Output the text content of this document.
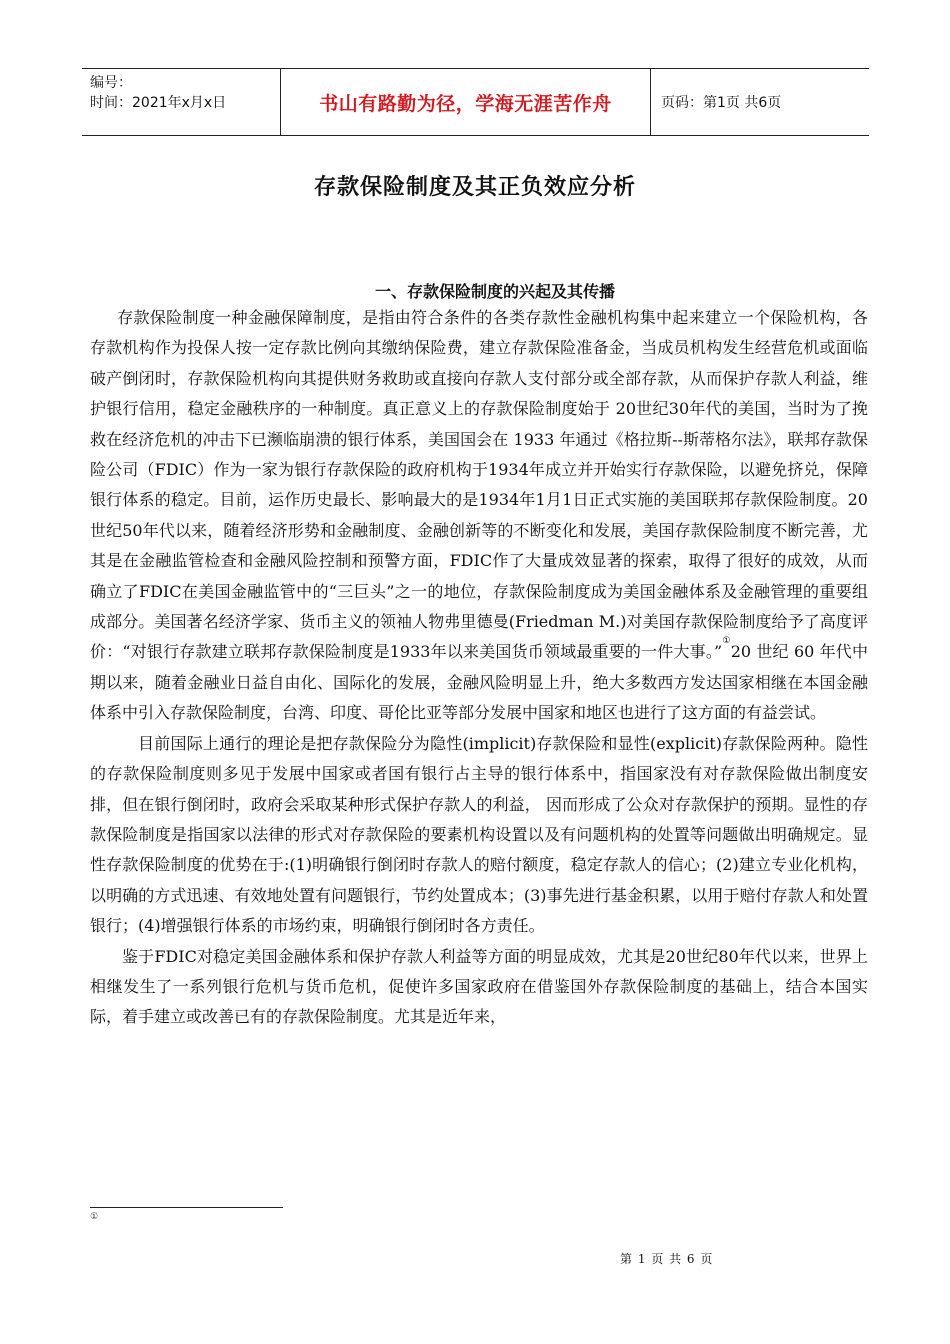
编号：
时间：2021年x月x日	书山有路勤为径，学海无涯苦作舟	页码：第1页 共6页
存款保险制度及其正负效应分析
一、存款保险制度的兴起及其传播

存款保险制度一种金融保障制度，是指由符合条件的各类存款性金融机构集中起来建立一个保险机构，各存款机构作为投保人按一定存款比例向其缴纳保险费，建立存款保险准备金，当成员机构发生经营危机或面临破产倒闭时，存款保险机构向其提供财务救助或直接向存款人支付部分或全部存款，从而保护存款人利益，维护银行信用，稳定金融秩序的一种制度。真正意义上的存款保险制度始于 20世纪30年代的美国，当时为了挽救在经济危机的冲击下已濒临崩溃的银行体系，美国国会在 1933 年通过《格拉斯--斯蒂格尔法》，联邦存款保险公司（FDIC）作为一家为银行存款保险的政府机构于1934年成立并开始实行存款保险，以避免挤兑，保障银行体系的稳定。目前，运作历史最长、影响最大的是1934年1月1日正式实施的美国联邦存款保险制度。20世纪50年代以来，随着经济形势和金融制度、金融创新等的不断变化和发展，美国存款保险制度不断完善，尤其是在金融监管检查和金融风险控制和预警方面，FDIC作了大量成效显著的探索，取得了很好的成效，从而确立了FDIC在美国金融监管中的“三巨头”之一的地位，存款保险制度成为美国金融体系及金融管理的重要组成部分。美国著名经济学家、货币主义的领袖人物弗里德曼(Friedman M.)对美国存款保险制度给予了高度评价：“对银行存款建立联邦存款保险制度是1933年以来美国货币领域最重要的一件大事。”①20 世纪 60 年代中期以来，随着金融业日益自由化、国际化的发展，金融风险明显上升，绝大多数西方发达国家相继在本国金融体系中引入存款保险制度，台湾、印度、哥伦比亚等部分发展中国家和地区也进行了这方面的有益尝试。

目前国际上通行的理论是把存款保险分为隐性(implicit)存款保险和显性(explicit)存款保险两种。隐性的存款保险制度则多见于发展中国家或者国有银行占主导的银行体系中，指国家没有对存款保险做出制度安排，但在银行倒闭时，政府会采取某种形式保护存款人的利益， 因而形成了公众对存款保护的预期。显性的存款保险制度是指国家以法律的形式对存款保险的要素机构设置以及有问题机构的处置等问题做出明确规定。显性存款保险制度的优势在于:(1)明确银行倒闭时存款人的赔付额度，稳定存款人的信心；(2)建立专业化机构，以明确的方式迅速、有效地处置有问题银行，节约处置成本；(3)事先进行基金积累，以用于赔付存款人和处置银行；(4)增强银行体系的市场约束，明确银行倒闭时各方责任。

鉴于FDIC对稳定美国金融体系和保护存款人利益等方面的明显成效，尤其是20世纪80年代以来，世界上相继发生了一系列银行危机与货币危机，促使许多国家政府在借鉴国外存款保险制度的基础上，结合本国实际，着手建立或改善已有的存款保险制度。尤其是近年来，

①
第 1 页 共 6 页
